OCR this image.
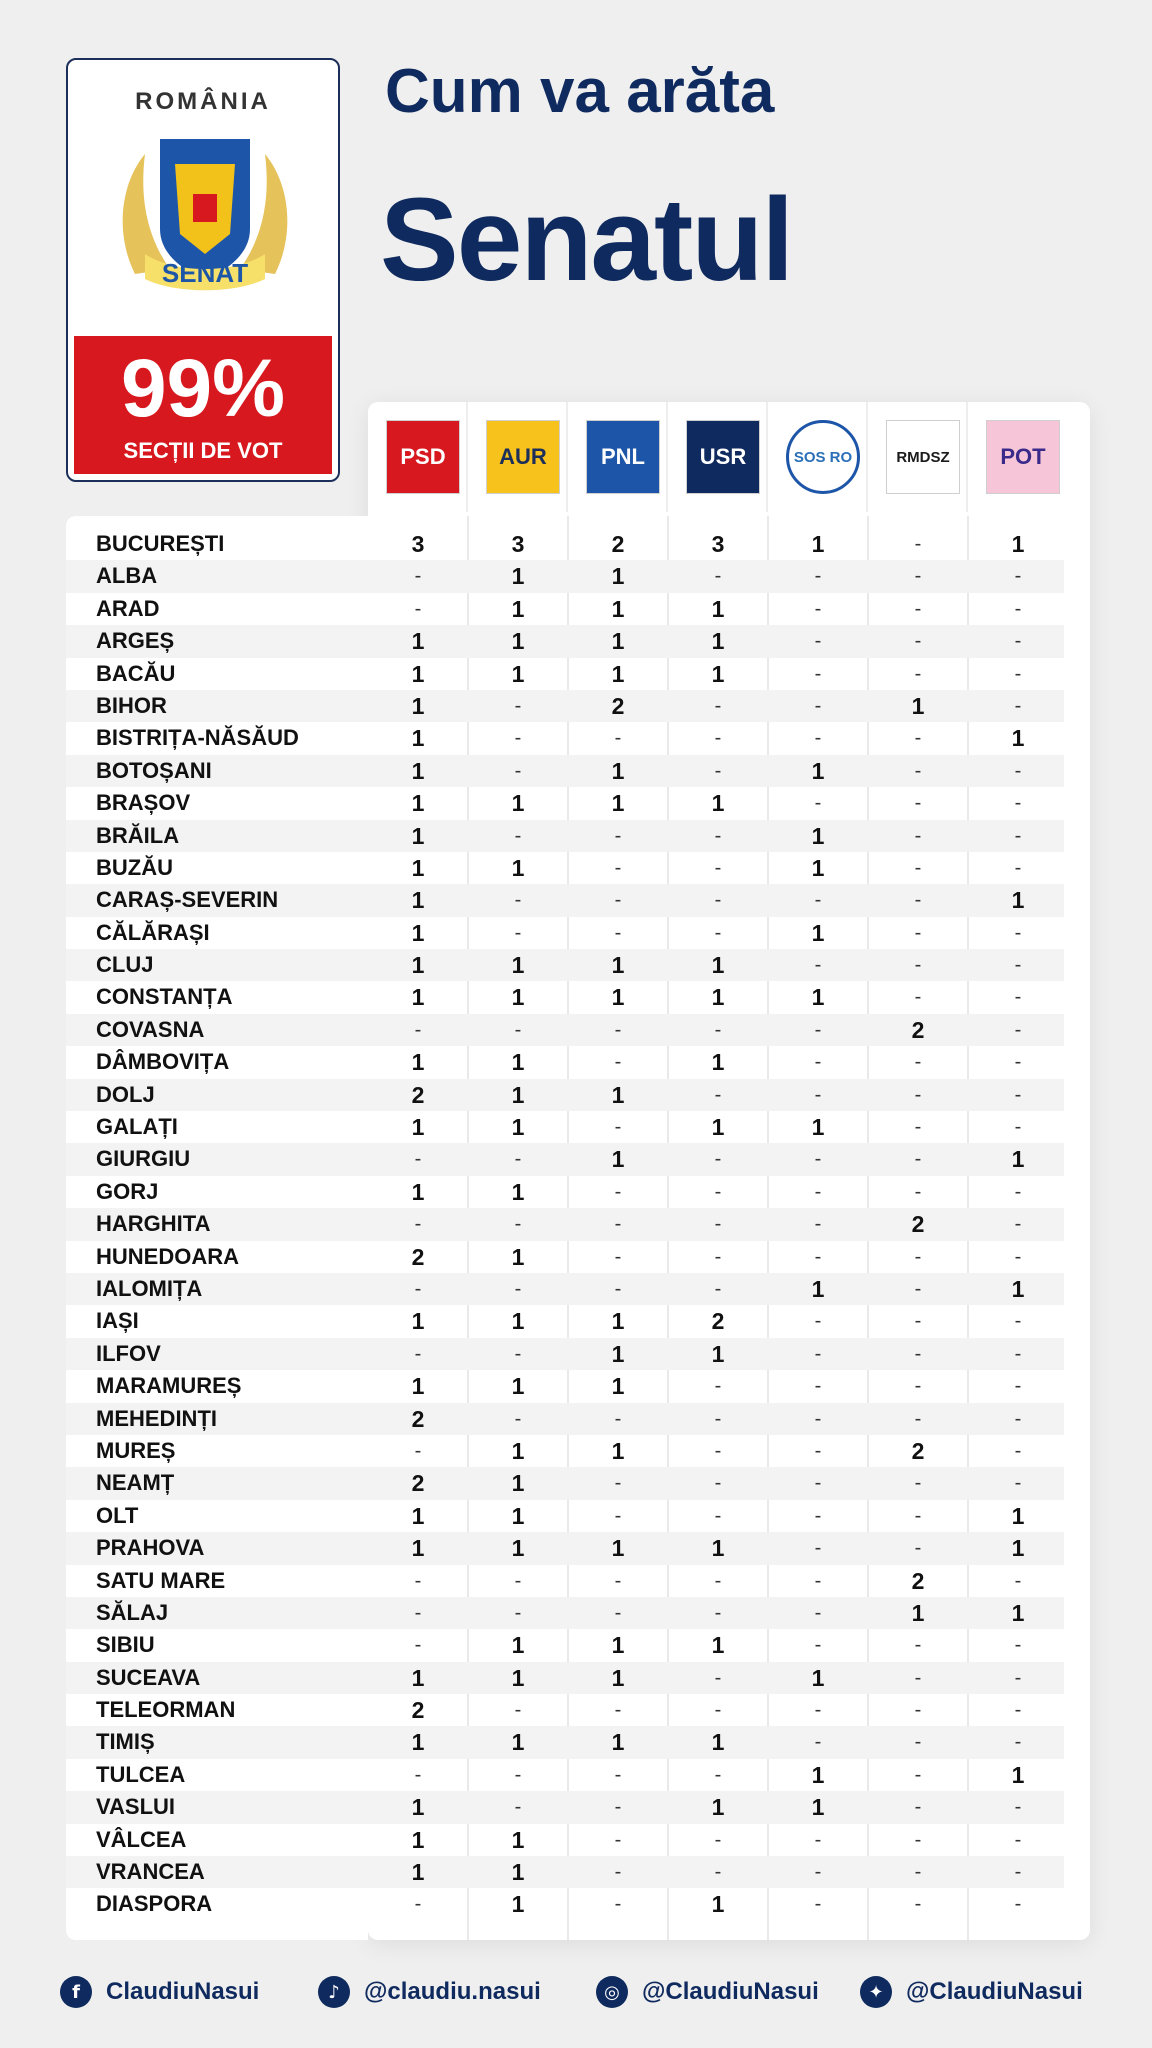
ROMÂNIA
SENAT
99%
SECȚII DE VOT
Cum va arăta
Senatul
PSD	AUR	PNL	USR	SOS RO	RMDSZ	POT
BUCUREȘTI	3	3	2	3	1	-	1
ALBA	-	1	1	-	-	-	-
ARAD	-	1	1	1	-	-	-
ARGEȘ	1	1	1	1	-	-	-
BACĂU	1	1	1	1	-	-	-
BIHOR	1	-	2	-	-	1	-
BISTRIȚA-NĂSĂUD	1	-	-	-	-	-	1
BOTOȘANI	1	-	1	-	1	-	-
BRAȘOV	1	1	1	1	-	-	-
BRĂILA	1	-	-	-	1	-	-
BUZĂU	1	1	-	-	1	-	-
CARAȘ-SEVERIN	1	-	-	-	-	-	1
CĂLĂRAȘI	1	-	-	-	1	-	-
CLUJ	1	1	1	1	-	-	-
CONSTANȚA	1	1	1	1	1	-	-
COVASNA	-	-	-	-	-	2	-
DÂMBOVIȚA	1	1	-	1	-	-	-
DOLJ	2	1	1	-	-	-	-
GALAȚI	1	1	-	1	1	-	-
GIURGIU	-	-	1	-	-	-	1
GORJ	1	1	-	-	-	-	-
HARGHITA	-	-	-	-	-	2	-
HUNEDOARA	2	1	-	-	-	-	-
IALOMIȚA	-	-	-	-	1	-	1
IAȘI	1	1	1	2	-	-	-
ILFOV	-	-	1	1	-	-	-
MARAMUREȘ	1	1	1	-	-	-	-
MEHEDINȚI	2	-	-	-	-	-	-
MUREȘ	-	1	1	-	-	2	-
NEAMȚ	2	1	-	-	-	-	-
OLT	1	1	-	-	-	-	1
PRAHOVA	1	1	1	1	-	-	1
SATU MARE	-	-	-	-	-	2	-
SĂLAJ	-	-	-	-	-	1	1
SIBIU	-	1	1	1	-	-	-
SUCEAVA	1	1	1	-	1	-	-
TELEORMAN	2	-	-	-	-	-	-
TIMIȘ	1	1	1	1	-	-	-
TULCEA	-	-	-	-	1	-	1
VASLUI	1	-	-	1	1	-	-
VÂLCEA	1	1	-	-	-	-	-
VRANCEA	1	1	-	-	-	-	-
DIASPORA	-	1	-	1	-	-	-
f	ClaudiuNasui	♪	@claudiu.nasui	◎ @ClaudiuNasui	✦ @ClaudiuNasui
